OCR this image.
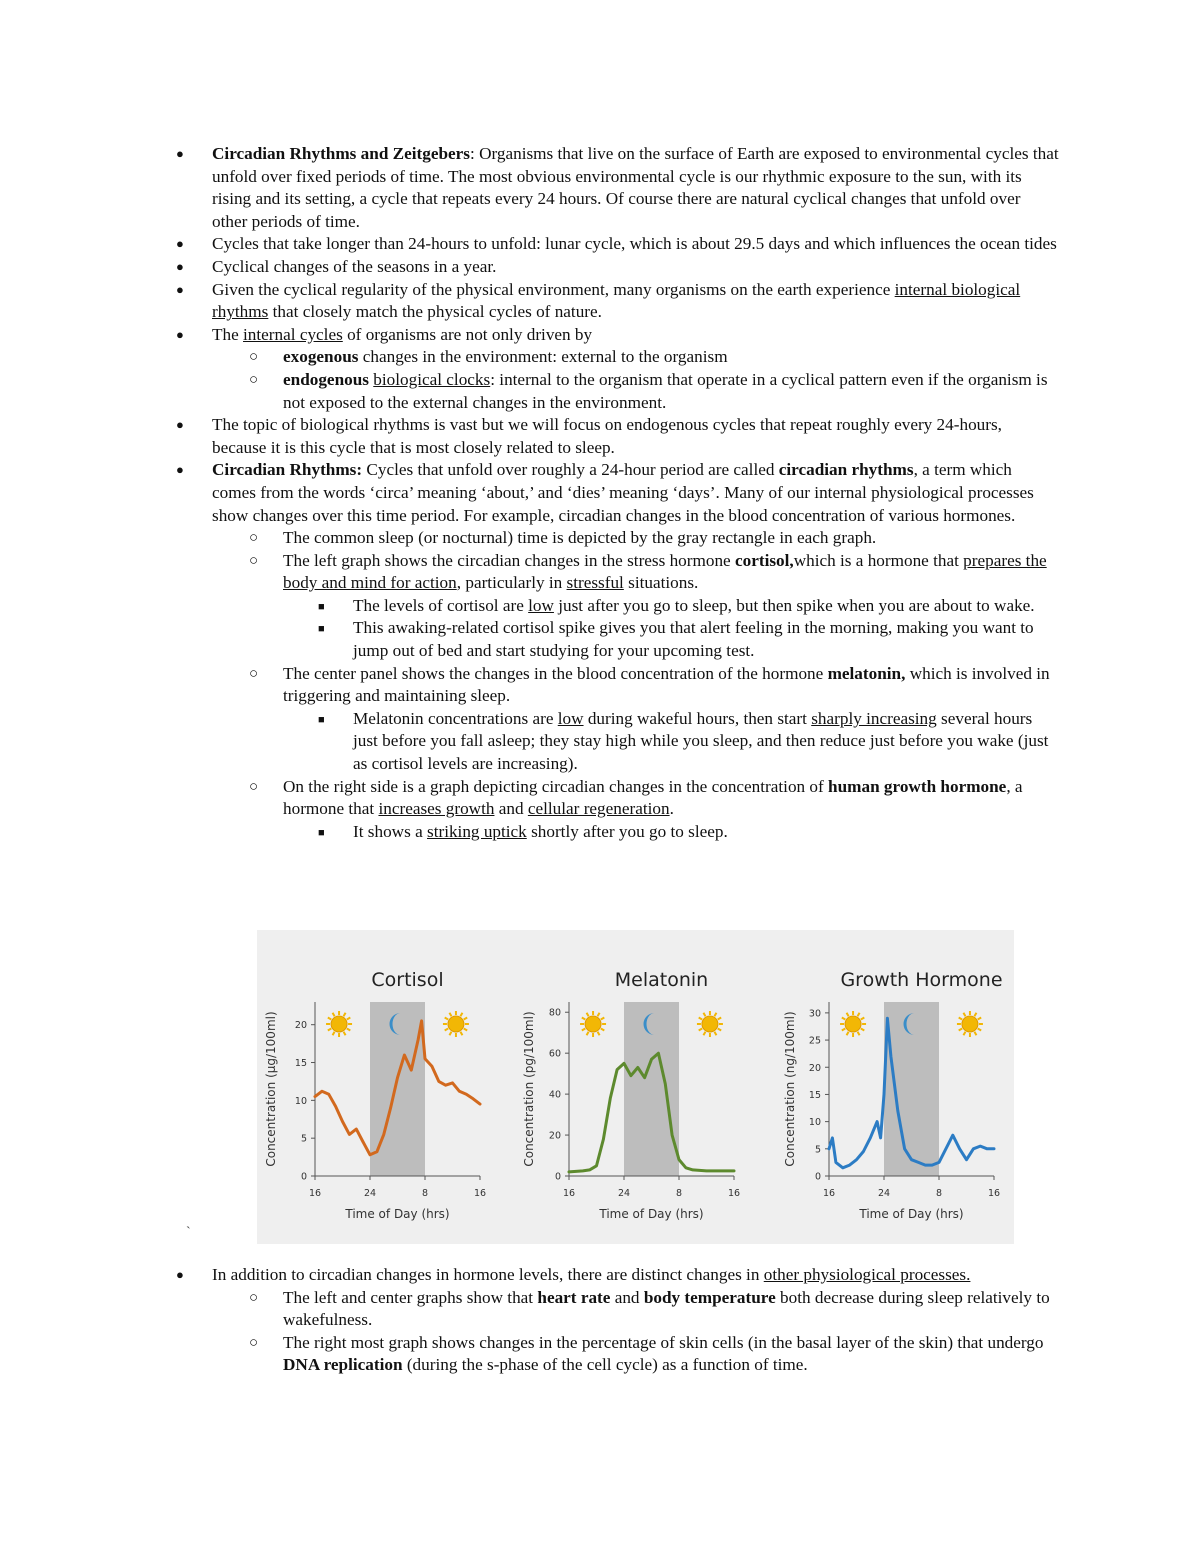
● Circadian Rhythms and Zeitgebers: Organisms that live on the surface of Earth are exposed to environmental cycles that unfold over fixed periods of time. The most obvious environmental cycle is our rhythmic exposure to the sun, with its rising and its setting, a cycle that repeats every 24 hours. Of course there are natural cyclical changes that unfold over other periods of time.
● Cycles that take longer than 24-hours to unfold: lunar cycle, which is about 29.5 days and which influences the ocean tides
● Cyclical changes of the seasons in a year.
● Given the cyclical regularity of the physical environment, many organisms on the earth experience internal biological rhythms that closely match the physical cycles of nature.
● The internal cycles of organisms are not only driven by
○ exogenous changes in the environment: external to the organism
○ endogenous biological clocks: internal to the organism that operate in a cyclical pattern even if the organism is not exposed to the external changes in the environment.
● The topic of biological rhythms is vast but we will focus on endogenous cycles that repeat roughly every 24-hours, because it is this cycle that is most closely related to sleep.
● Circadian Rhythms: Cycles that unfold over roughly a 24-hour period are called circadian rhythms, a term which comes from the words ‘circa’ meaning ‘about,’ and ‘dies’ meaning ‘days’. Many of our internal physiological processes show changes over this time period. For example, circadian changes in the blood concentration of various hormones.
○ The common sleep (or nocturnal) time is depicted by the gray rectangle in each graph.
○ The left graph shows the circadian changes in the stress hormone cortisol,which is a hormone that prepares the body and mind for action, particularly in stressful situations.
■ The levels of cortisol are low just after you go to sleep, but then spike when you are about to wake.
■ This awaking-related cortisol spike gives you that alert feeling in the morning, making you want to jump out of bed and start studying for your upcoming test.
○ The center panel shows the changes in the blood concentration of the hormone melatonin, which is involved in triggering and maintaining sleep.
■ Melatonin concentrations are low during wakeful hours, then start sharply increasing several hours just before you fall asleep; they stay high while you sleep, and then reduce just before you wake (just as cortisol levels are increasing).
○ On the right side is a graph depicting circadian changes in the concentration of human growth hormone, a hormone that increases growth and cellular regeneration.
■ It shows a striking uptick shortly after you go to sleep.
Cortisol
0
5
10
15
20
16	24	8	16
Time of Day (hrs)
Concentration (µg/100ml)
Melatonin
0
20
40
60
80
16	24	8	16
Time of Day (hrs)
Concentration (pg/100ml)
Growth Hormone
0
5
10
15
20
25
30
16	24	8	16
Time of Day (hrs)
Concentration (ng/100ml)
`
● In addition to circadian changes in hormone levels, there are distinct changes in other physiological processes.
○ The left and center graphs show that heart rate and body temperature both decrease during sleep relatively to wakefulness.
○ The right most graph shows changes in the percentage of skin cells (in the basal layer of the skin) that undergo DNA replication (during the s-phase of the cell cycle) as a function of time.
